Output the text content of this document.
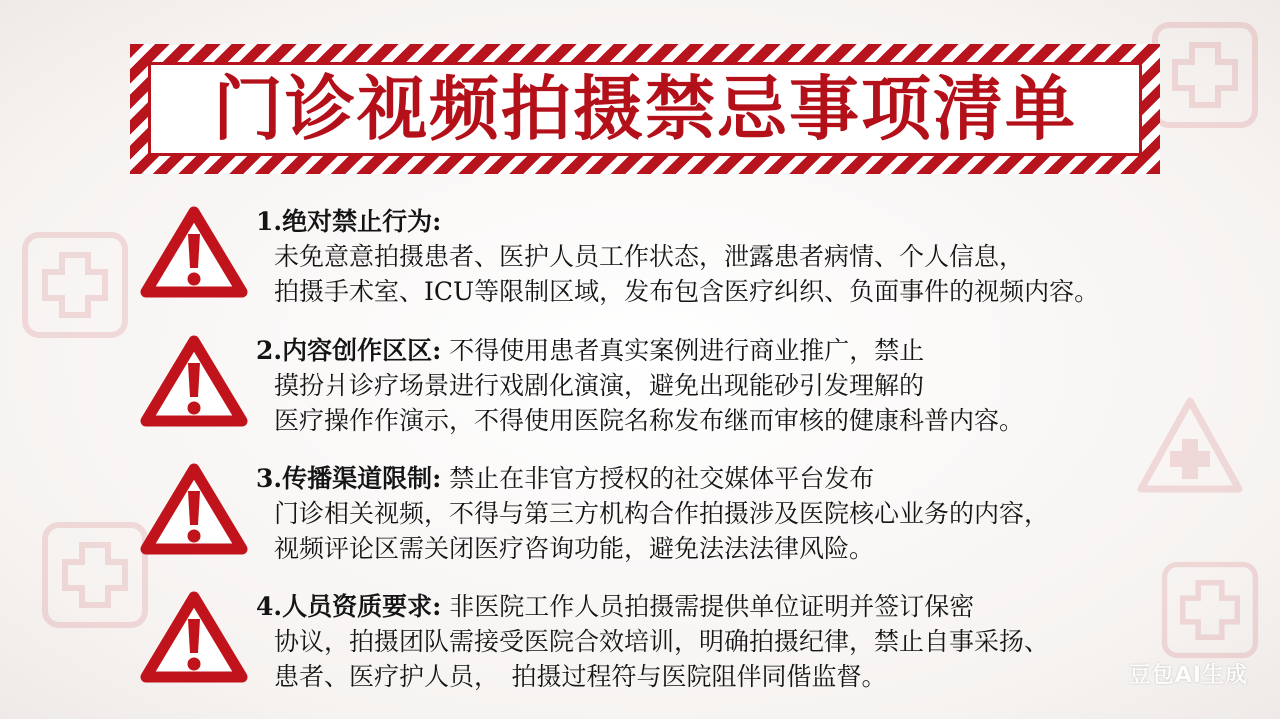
门诊视频拍摄禁忌事项清单
1.绝对禁止行为:
未免意意拍摄患者、医护人员工作状态，泄露患者病情、个人信息，
拍摄手术室、ICU等限制区域，发布包含医疗纠织、负面事件的视频内容。
2.内容创作区区: 不得使用患者真实案例进行商业推广，禁止
摸扮爿诊疗场景进行戏剧化演演，避免出现能砂引发理解的
医疗操作作演示，不得使用医院名称发布继而审核的健康科普内容。
3.传播渠道限制: 禁止在非官方授权的社交媒体平台发布
门诊相关视频，不得与第三方机构合作拍摄涉及医院核心业务的内容，
视频评论区需关闭医疗咨询功能，避免法法法律风险。
4.人员资质要求: 非医院工作人员拍摄需提供单位证明并签订保密
协议，拍摄团队需接受医院合效培训，明确拍摄纪律，禁止自事采扬、
患者、医疗护人员，　拍摄过程符与医院阻伴同偕监督。	豆包AI生成
